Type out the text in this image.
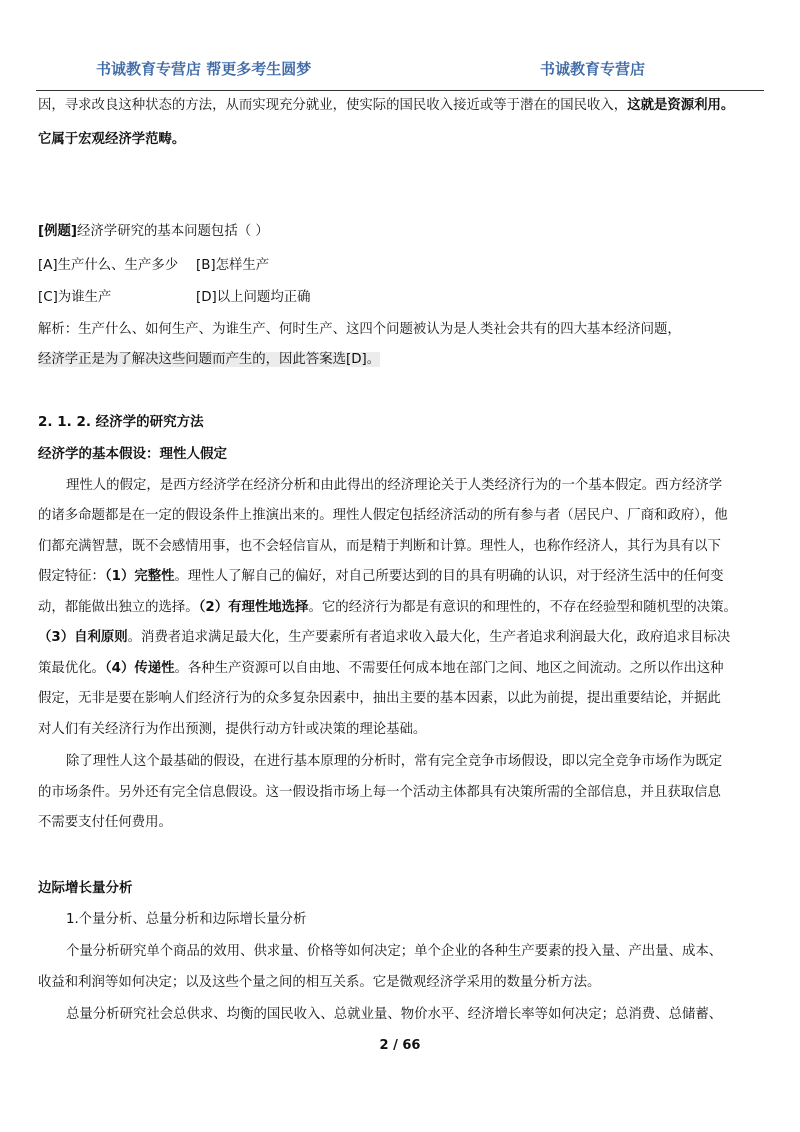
书诚教育专营店 帮更多考生圆梦	书诚教育专营店
因，寻求改良这种状态的方法，从而实现充分就业，使实际的国民收入接近或等于潜在的国民收入，这就是资源利用。
它属于宏观经济学范畴。
[例题]经济学研究的基本问题包括（ ）
[A]生产什么、生产多少 [B]怎样生产
[C]为谁生产	[D]以上问题均正确
解析：生产什么、如何生产、为谁生产、何时生产、这四个问题被认为是人类社会共有的四大基本经济问题，
经济学正是为了解决这些问题而产生的，因此答案选[D]。
2. 1. 2. 经济学的研究方法
经济学的基本假设：理性人假定
理性人的假定，是西方经济学在经济分析和由此得出的经济理论关于人类经济行为的一个基本假定。西方经济学
的诸多命题都是在一定的假设条件上推演出来的。理性人假定包括经济活动的所有参与者（居民户、厂商和政府），他
们都充满智慧，既不会感情用事，也不会轻信盲从，而是精于判断和计算。理性人，也称作经济人，其行为具有以下
假定特征：（1）完整性。理性人了解自己的偏好，对自己所要达到的目的具有明确的认识，对于经济生活中的任何变
动，都能做出独立的选择。（2）有理性地选择。它的经济行为都是有意识的和理性的，不存在经验型和随机型的决策。
（3）自利原则。消费者追求满足最大化，生产要素所有者追求收入最大化，生产者追求利润最大化，政府追求目标决
策最优化。（4）传递性。各种生产资源可以自由地、不需要任何成本地在部门之间、地区之间流动。之所以作出这种
假定，无非是要在影响人们经济行为的众多复杂因素中，抽出主要的基本因素，以此为前提，提出重要结论，并据此
对人们有关经济行为作出预测，提供行动方针或决策的理论基础。
除了理性人这个最基础的假设，在进行基本原理的分析时，常有完全竞争市场假设，即以完全竞争市场作为既定
的市场条件。另外还有完全信息假设。这一假设指市场上每一个活动主体都具有决策所需的全部信息，并且获取信息
不需要支付任何费用。
边际增长量分析
1.个量分析、总量分析和边际增长量分析
个量分析研究单个商品的效用、供求量、价格等如何决定；单个企业的各种生产要素的投入量、产出量、成本、
收益和利润等如何决定；以及这些个量之间的相互关系。它是微观经济学采用的数量分析方法。
总量分析研究社会总供求、均衡的国民收入、总就业量、物价水平、经济增长率等如何决定；总消费、总储蓄、
2 / 66
